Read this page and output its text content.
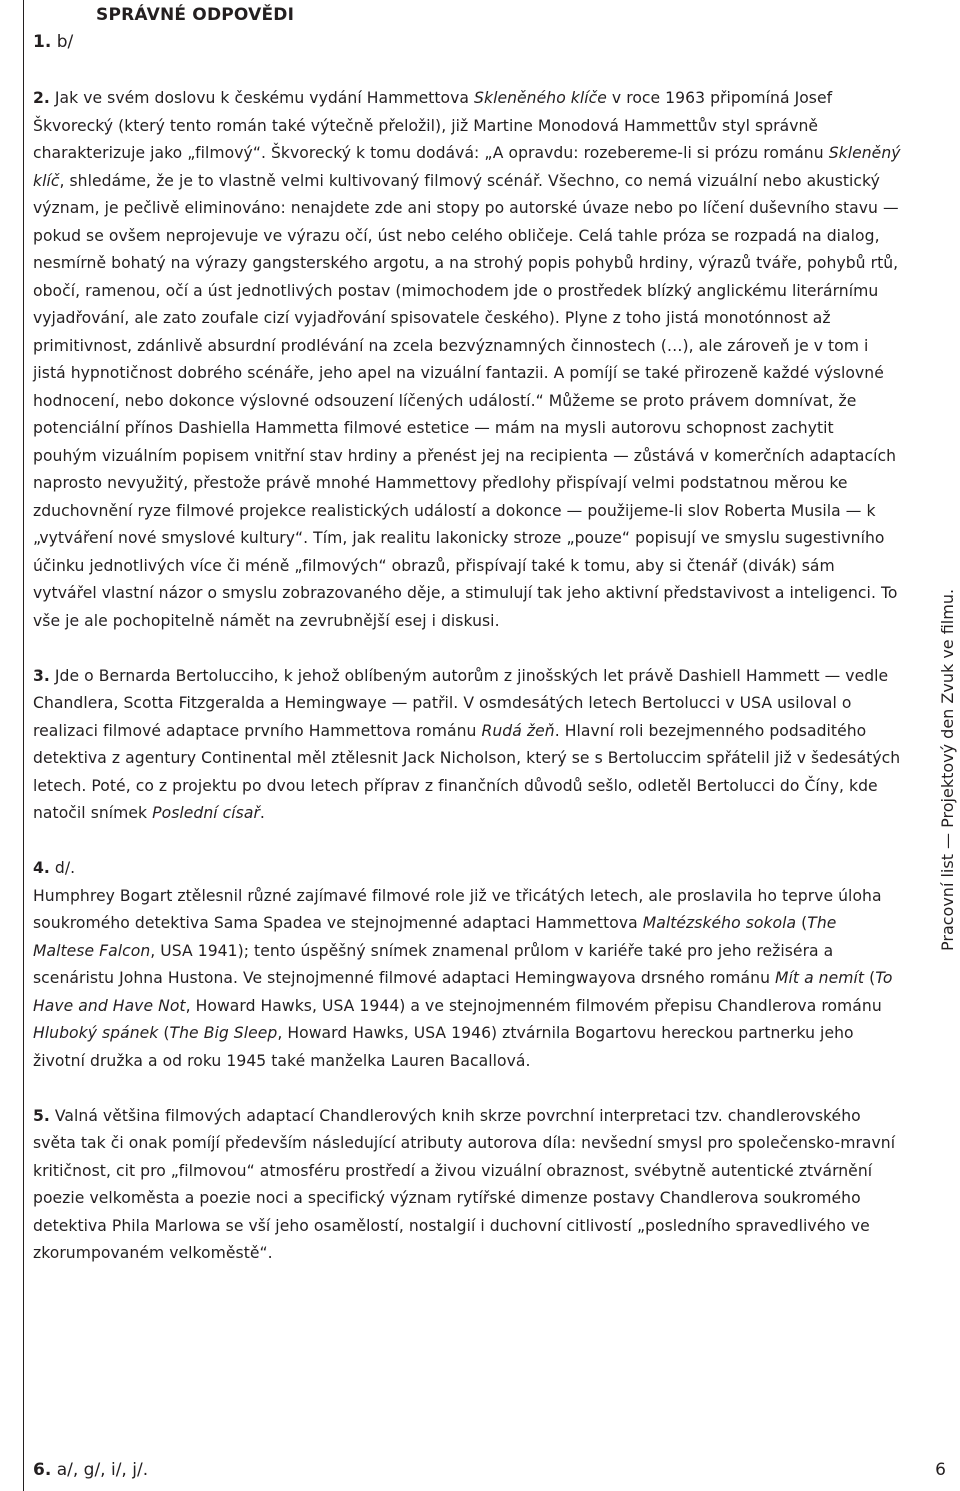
SPRÁVNÉ ODPOVĚDI
1. b/

2. Jak ve svém doslovu k českému vydání Hammettova Skleněného klíče v roce 1963 připomíná Josef Škvorecký (který tento román také výtečně přeložil), již Martine Monodová Hammettův styl správně charakterizuje jako „filmový“. Škvorecký k tomu dodává: „A opravdu: rozebereme-li si prózu románu Skleněný klíč, shledáme, že je to vlastně velmi kultivovaný filmový scénář. Všechno, co nemá vizuální nebo akustický význam, je pečlivě eliminováno: nenajdete zde ani stopy po autorské úvaze nebo po líčení duševního stavu — pokud se ovšem neprojevuje ve výrazu očí, úst nebo celého obličeje. Celá tahle próza se rozpadá na dialog, nesmírně bohatý na výrazy gangsterského argotu, a na strohý popis pohybů hrdiny, výrazů tváře, pohybů rtů, obočí, ramenou, očí a úst jednotlivých postav (mimochodem jde o prostředek blízký anglickému literárnímu vyjadřování, ale zato zoufale cizí vyjadřování spisovatele českého). Plyne z toho jistá monotónnost až primitivnost, zdánlivě absurdní prodlévání na zcela bezvýznamných činnostech (…), ale zároveň je v tom i jistá hypnotičnost dobrého scénáře, jeho apel na vizuální fantazii. A pomíjí se také přirozeně každé výslovné hodnocení, nebo dokonce výslovné odsouzení líčených událostí.“ Můžeme se proto právem domnívat, že potenciální přínos Dashiella Hammetta filmové estetice — mám na mysli autorovu schopnost zachytit pouhým vizuálním popisem vnitřní stav hrdiny a přenést jej na recipienta — zůstává v komerčních adaptacích naprosto nevyužitý, přestože právě mnohé Hammettovy předlohy přispívají velmi podstatnou měrou ke zduchovnění ryze filmové projekce realistických událostí a dokonce — použijeme-li slov Roberta Musila — k „vytváření nové smyslové kultury“. Tím, jak realitu lakonicky stroze „pouze“ popisují ve smyslu sugestivního účinku jednotlivých více či méně „filmových“ obrazů, přispívají také k tomu, aby si čtenář (divák) sám vytvářel vlastní názor o smyslu zobrazovaného děje, a stimulují tak jeho aktivní představivost a inteligenci. To vše je ale pochopitelně námět na zevrubnější esej i diskusi.

3. Jde o Bernarda Bertolucciho, k jehož oblíbeným autorům z jinošských let právě Dashiell Hammett — vedle Chandlera, Scotta Fitzgeralda a Hemingwaye — patřil. V osmdesátých letech Bertolucci v USA usiloval o realizaci filmové adaptace prvního Hammettova románu Rudá žeň. Hlavní roli bezejmenného podsaditého detektiva z agentury Continental měl ztělesnit Jack Nicholson, který se s Bertoluccim spřátelil již v šedesátých letech. Poté, co z projektu po dvou letech příprav z finančních důvodů sešlo, odletěl Bertolucci do Číny, kde natočil snímek Poslední císař.

4. d/.

Humphrey Bogart ztělesnil různé zajímavé filmové role již ve třicátých letech, ale proslavila ho teprve úloha soukromého detektiva Sama Spadea ve stejnojmenné adaptaci Hammettova Maltézského sokola (The Maltese Falcon, USA 1941); tento úspěšný snímek znamenal průlom v kariéře také pro jeho režiséra a scenáristu Johna Hustona. Ve stejnojmenné filmové adaptaci Hemingwayova drsného románu Mít a nemít (To Have and Have Not, Howard Hawks, USA 1944) a ve stejnojmenném filmovém přepisu Chandlerova románu Hluboký spánek (The Big Sleep, Howard Hawks, USA 1946) ztvárnila Bogartovu hereckou partnerku jeho životní družka a od roku 1945 také manželka Lauren Bacallová.

5. Valná většina filmových adaptací Chandlerových knih skrze povrchní interpretaci tzv. chandlerovského světa tak či onak pomíjí především následující atributy autorova díla: nevšední smysl pro společensko-mravní kritičnost, cit pro „filmovou“ atmosféru prostředí a živou vizuální obraznost, svébytně autentické ztvárnění poezie velkoměsta a poezie noci a specifický význam rytířské dimenze postavy Chandlerova soukromého detektiva Phila Marlowa se vší jeho osamělostí, nostalgií i duchovní citlivostí „posledního spravedlivého ve zkorumpovaném velkoměstě“.

6. a/, g/, i/, j/.
Pracovní list — Projektový den Zvuk ve filmu.
6
